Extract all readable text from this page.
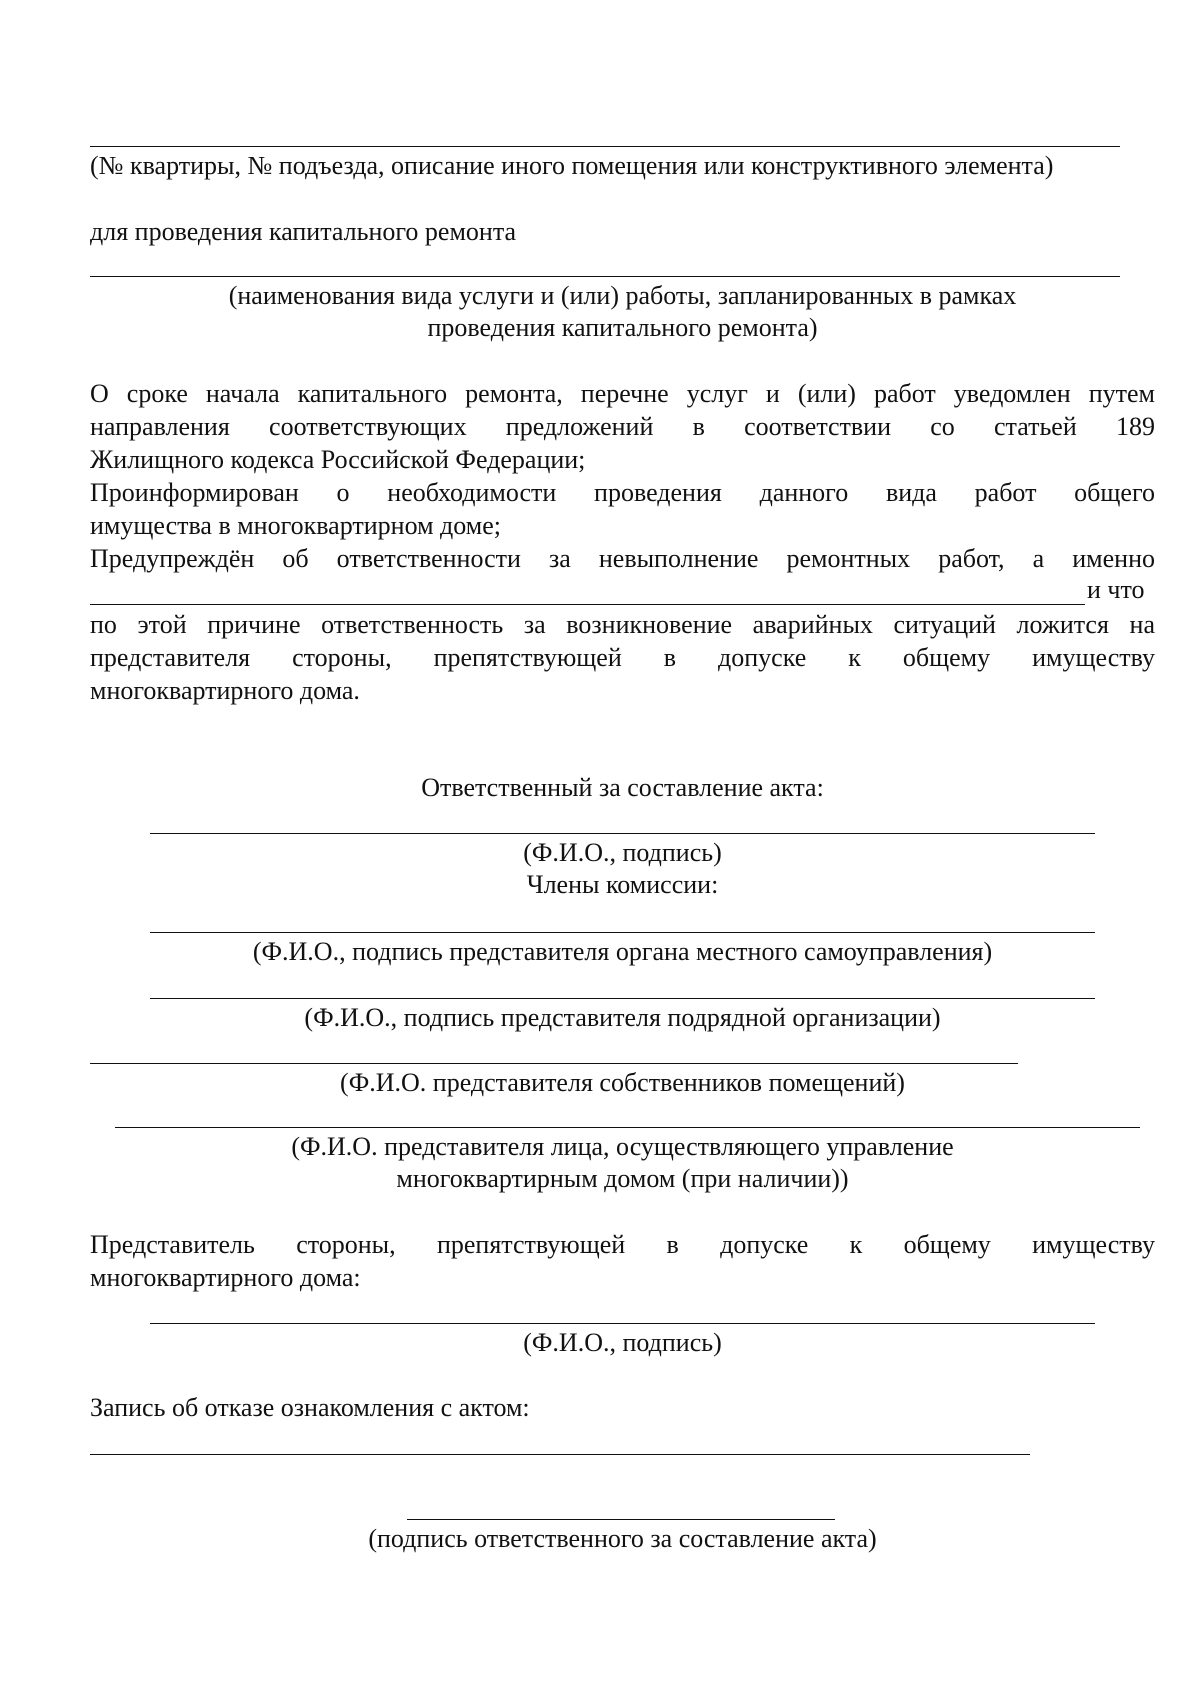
(№ квартиры, № подъезда, описание иного помещения или конструктивного элемента)
для проведения капитального ремонта
(наименования вида услуги и (или) работы, запланированных в рамках
проведения капитального ремонта)
О сроке начала капитального ремонта, перечне услуг и (или) работ уведомлен путем
направления соответствующих предложений в соответствии со статьей 189
Жилищного кодекса Российской Федерации;
Проинформирован о необходимости проведения данного вида работ общего
имущества в многоквартирном доме;
Предупреждён об ответственности за невыполнение ремонтных работ, а именно
и что
по этой причине ответственность за возникновение аварийных ситуаций ложится на
представителя стороны, препятствующей в допуске к общему имуществу
многоквартирного дома.
Ответственный за составление акта:
(Ф.И.О., подпись)
Члены комиссии:
(Ф.И.О., подпись представителя органа местного самоуправления)
(Ф.И.О., подпись представителя подрядной организации)
(Ф.И.О. представителя собственников помещений)
(Ф.И.О. представителя лица, осуществляющего управление
многоквартирным домом (при наличии))
Представитель стороны, препятствующей в допуске к общему имуществу
многоквартирного дома:
(Ф.И.О., подпись)
Запись об отказе ознакомления с актом:
(подпись ответственного за составление акта)
